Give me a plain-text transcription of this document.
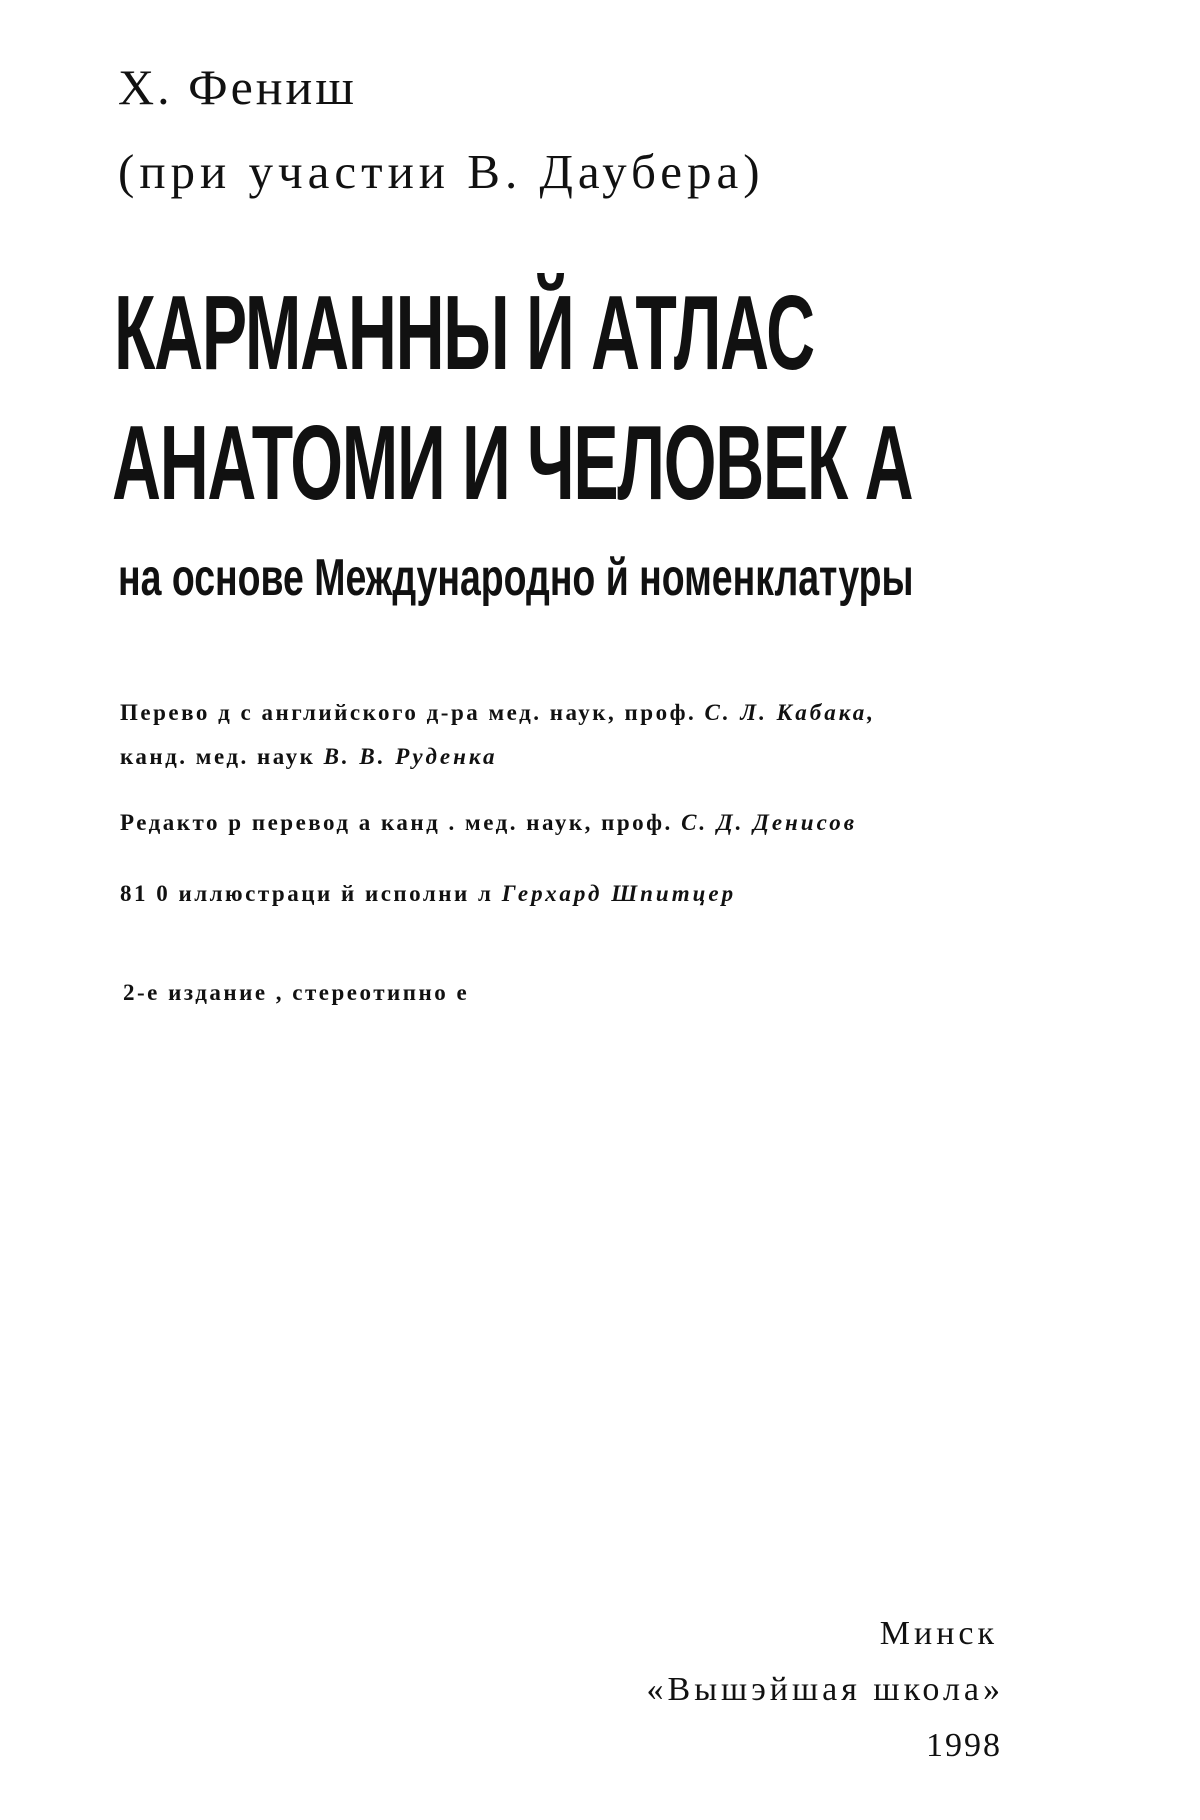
Х. Фениш
(при участии В. Даубера)
КАРМАННЫ Й АТЛАС
АНАТОМИ И ЧЕЛОВЕК А
на основе Международно й номенклатуры
Перево д с английского д-ра мед. наук, проф. С. Л. Кабака,
канд. мед. наук В. В. Руденка
Редакто р перевод а канд . мед. наук, проф. С. Д. Денисов
81 0 иллюстраци й исполни л Герхард Шпитцер
2-е издание , стереотипно е
Минск
«Вышэйшая школа»
1998
